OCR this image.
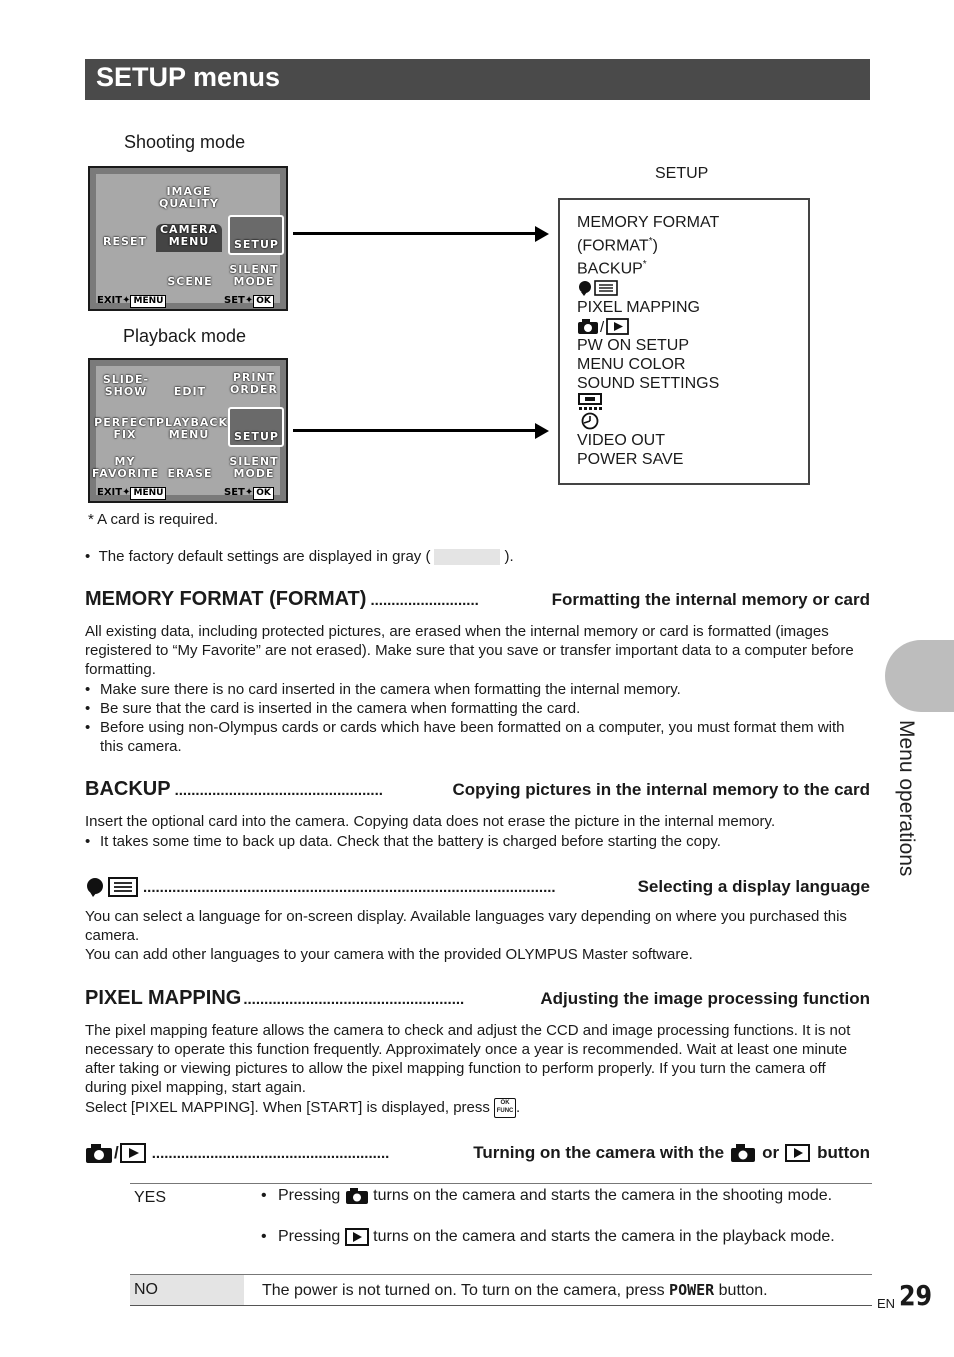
SETUP menus
Shooting mode
Playback mode
IMAGE QUALITY
CAMERA MENU
RESET	SETUP
SCENE
SILENT MODE
EXIT✦ MENU	SET✦ OK
SLIDE-SHOW	EDIT
PRINT ORDER
PERFECT FIX
PLAYBACK MENU	SETUP
MY FAVORITE ERASE
SILENT MODE
EXIT✦ MENU	SET✦ OK
SETUP
MEMORY FORMAT
(FORMAT*)
BACKUP*
PIXEL MAPPING
/
PW ON SETUP
MENU COLOR
SOUND SETTINGS
VIDEO OUT
POWER SAVE
* A card is required.
• The factory default settings are displayed in gray (	).
MEMORY FORMAT (FORMAT) ..........................	Formatting the internal memory or card
All existing data, including protected pictures, are erased when the internal memory or card is formatted (images registered to “My Favorite” are not erased). Make sure that you save or transfer important data to a computer before formatting.
• Make sure there is no card inserted in the camera when formatting the internal memory.
• Be sure that the card is inserted in the camera when formatting the card.
• Before using non-Olympus cards or cards which have been formatted on a computer, you must format them with this camera.
BACKUP ..................................................	Copying pictures in the internal memory to the card
Insert the optional card into the camera. Copying data does not erase the picture in the internal memory.
• It takes some time to back up data. Check that the battery is charged before starting the copy.
...................................................................................................	Selecting a display language
You can select a language for on-screen display. Available languages vary depending on where you purchased this camera.
You can add other languages to your camera with the provided OLYMPUS Master software.
PIXEL MAPPING .....................................................	Adjusting the image processing function
The pixel mapping feature allows the camera to check and adjust the CCD and image processing functions. It is not necessary to operate this function frequently. Approximately once a year is recommended. Wait at least one minute after taking or viewing pictures to allow the pixel mapping function to perform properly. If you turn the camera off during pixel mapping, start again.
Select [PIXEL MAPPING]. When [START] is displayed, press OK
FUNC .
/ .........................................................	Turning on the camera with the or button
YES	• Pressing turns on the camera and starts the camera in the shooting mode.
• Pressing turns on the camera and starts the camera in the playback mode.
NO	The power is not turned on. To turn on the camera, press POWER button.
Menu operations
EN 29
